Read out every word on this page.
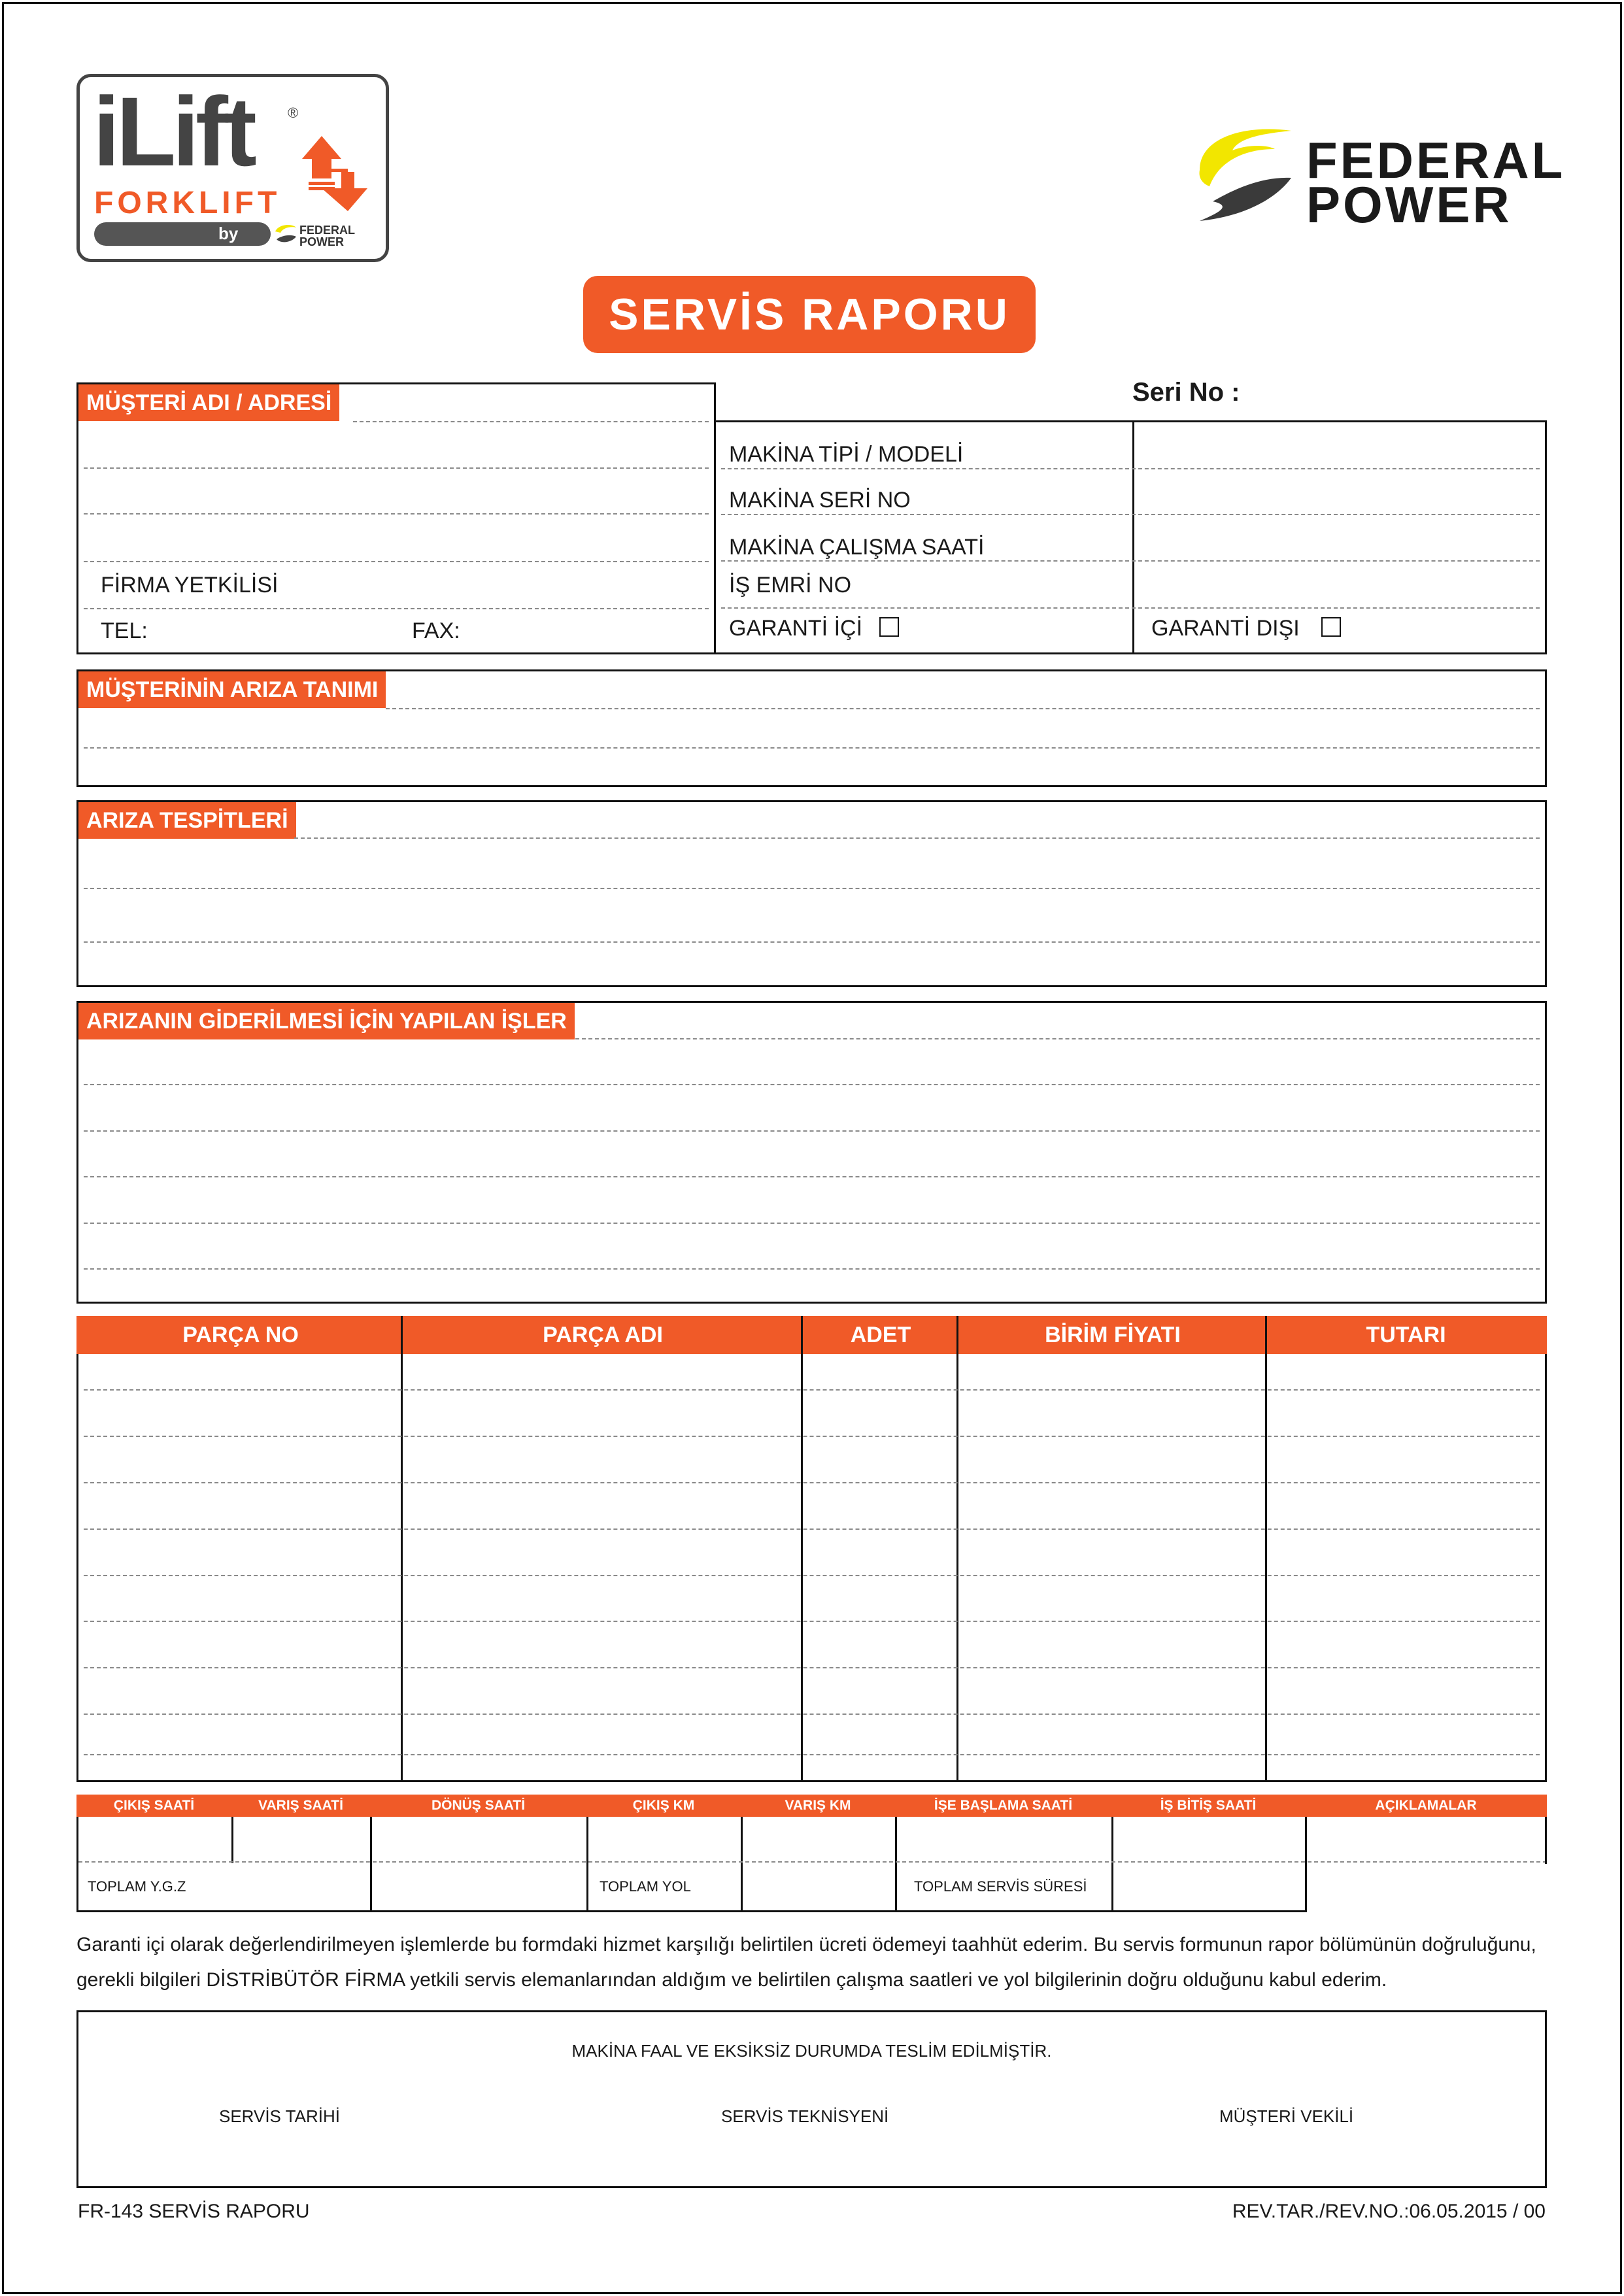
iLift ®
FORKLIFT
by	FEDERAL
POWER
FEDERAL
POWER
SERVİS RAPORU
Seri No :
MÜŞTERİ ADI / ADRESİ
FİRMA YETKİLİSİ
TEL:	FAX:
MAKİNA TİPİ / MODELİ
MAKİNA SERİ NO
MAKİNA ÇALIŞMA SAATİ
İŞ EMRİ NO
GARANTİ İÇİ	GARANTİ DIŞI
MÜŞTERİNİN ARIZA TANIMI
ARIZA TESPİTLERİ
ARIZANIN GİDERİLMESİ İÇİN YAPILAN İŞLER
PARÇA NO	PARÇA ADI	ADET	BİRİM FİYATI	TUTARI
ÇIKIŞ SAATİ	VARIŞ SAATİ	DÖNÜŞ SAATİ	ÇIKIŞ KM	VARIŞ KM	İŞE BAŞLAMA SAATİ	İŞ BİTİŞ SAATİ	AÇIKLAMALAR
TOPLAM Y.G.Z	TOPLAM YOL	TOPLAM SERVİS SÜRESİ
Garanti içi olarak değerlendirilmeyen işlemlerde bu formdaki hizmet karşılığı belirtilen ücreti ödemeyi taahhüt ederim. Bu servis formunun rapor bölümünün doğruluğunu,
gerekli bilgileri DİSTRİBÜTÖR FİRMA yetkili servis elemanlarından aldığım ve belirtilen çalışma saatleri ve yol bilgilerinin doğru olduğunu kabul ederim.
MAKİNA FAAL VE EKSİKSİZ DURUMDA TESLİM EDİLMİŞTİR.
SERVİS TARİHİ	SERVİS TEKNİSYENİ	MÜŞTERİ VEKİLİ
FR-143 SERVİS RAPORU	REV.TAR./REV.NO.:06.05.2015 / 00
